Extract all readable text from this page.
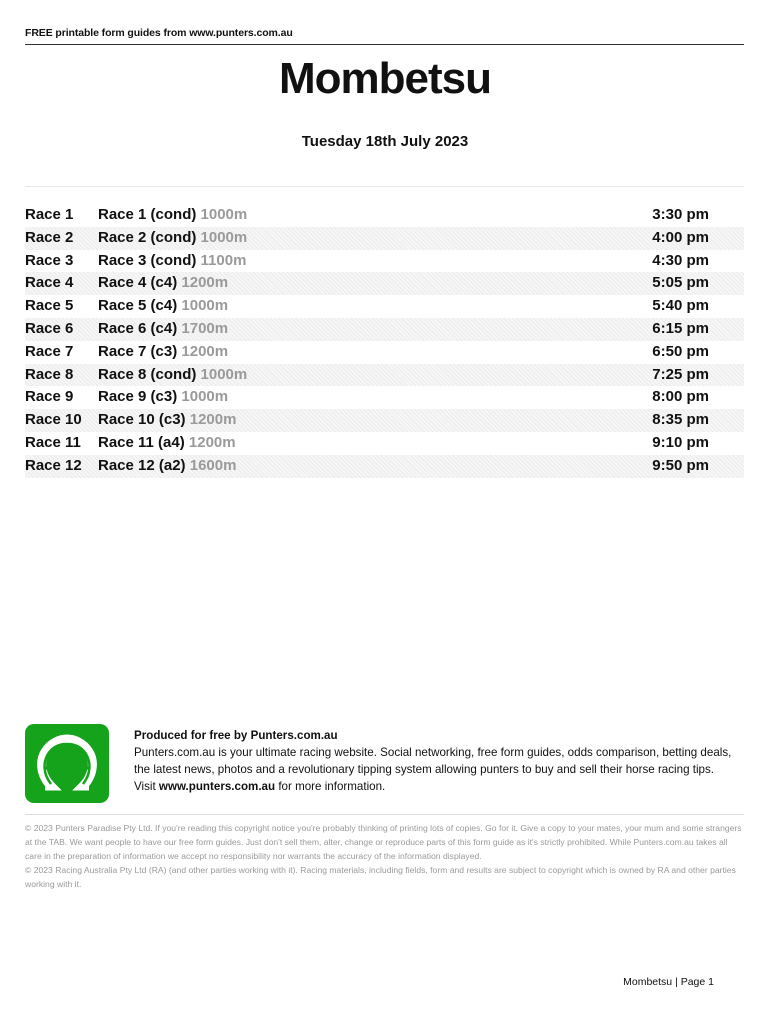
FREE printable form guides from www.punters.com.au
Mombetsu
Tuesday 18th July 2023
Race 1 Race 1 (cond) 1000m	3:30 pm
Race 2 Race 2 (cond) 1000m	4:00 pm
Race 3 Race 3 (cond) 1100m	4:30 pm
Race 4 Race 4 (c4) 1200m	5:05 pm
Race 5 Race 5 (c4) 1000m	5:40 pm
Race 6 Race 6 (c4) 1700m	6:15 pm
Race 7 Race 7 (c3) 1200m	6:50 pm
Race 8 Race 8 (cond) 1000m	7:25 pm
Race 9 Race 9 (c3) 1000m	8:00 pm
Race 10 Race 10 (c3) 1200m	8:35 pm
Race 11 Race 11 (a4) 1200m	9:10 pm
Race 12 Race 12 (a2) 1600m	9:50 pm
Produced for free by Punters.com.au
Punters.com.au is your ultimate racing website. Social networking, free form guides, odds comparison, betting deals, the latest news, photos and a revolutionary tipping system allowing punters to buy and sell their horse racing tips.
Visit www.punters.com.au for more information.
© 2023 Punters Paradise Pty Ltd. If you're reading this copyright notice you're probably thinking of printing lots of copies. Go for it. Give a copy to your mates, your mum and some strangers at the TAB. We want people to have our free form guides. Just don't sell them, alter, change or reproduce parts of this form guide as it's strictly prohibited. While Punters.com.au takes all care in the preparation of information we accept no responsibility nor warrants the accuracy of the information displayed.
© 2023 Racing Australia Pty Ltd (RA) (and other parties working with it). Racing materials, including fields, form and results are subject to copyright which is owned by RA and other parties working with it.
Mombetsu | Page 1
